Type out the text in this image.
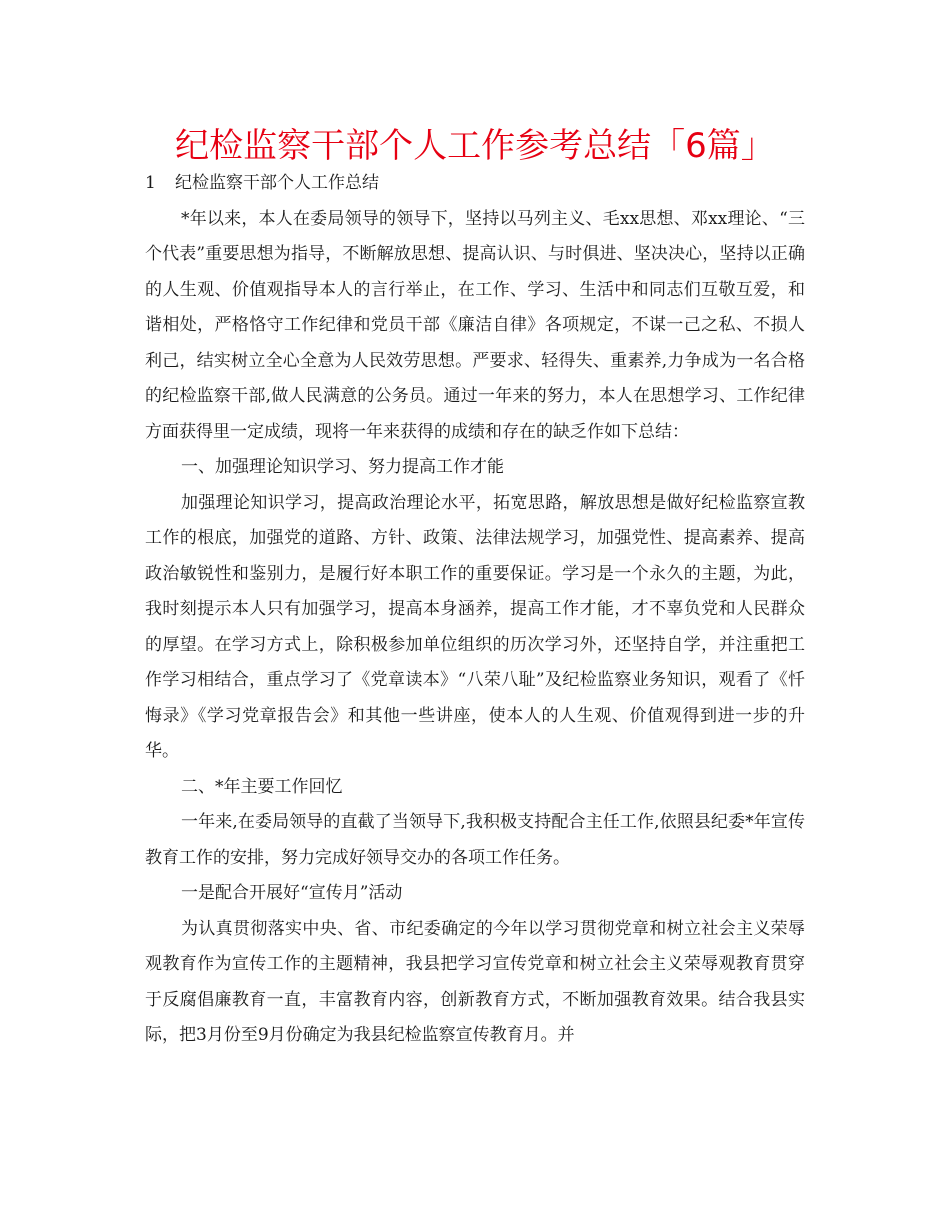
纪检监察干部个人工作参考总结「6篇」

1 纪检监察干部个人工作总结

*年以来，本人在委局领导的领导下，坚持以马列主义、毛xx思想、邓xx理论、“三个代表”重要思想为指导，不断解放思想、提高认识、与时俱进、坚决决心，坚持以正确的人生观、价值观指导本人的言行举止，在工作、学习、生活中和同志们互敬互爱，和谐相处，严格恪守工作纪律和党员干部《廉洁自律》各项规定，不谋一己之私、不损人利己，结实树立全心全意为人民效劳思想。严要求、轻得失、重素养,力争成为一名合格的纪检监察干部,做人民满意的公务员。通过一年来的努力，本人在思想学习、工作纪律方面获得里一定成绩，现将一年来获得的成绩和存在的缺乏作如下总结：

一、加强理论知识学习、努力提高工作才能

加强理论知识学习，提高政治理论水平，拓宽思路，解放思想是做好纪检监察宣教工作的根底，加强党的道路、方针、政策、法律法规学习，加强党性、提高素养、提高政治敏锐性和鉴别力，是履行好本职工作的重要保证。学习是一个永久的主题，为此，我时刻提示本人只有加强学习，提高本身涵养，提高工作才能，才不辜负党和人民群众的厚望。在学习方式上，除积极参加单位组织的历次学习外，还坚持自学，并注重把工作学习相结合，重点学习了《党章读本》“八荣八耻”及纪检监察业务知识，观看了《忏悔录》《学习党章报告会》和其他一些讲座，使本人的人生观、价值观得到进一步的升华。

二、*年主要工作回忆

一年来,在委局领导的直截了当领导下,我积极支持配合主任工作,依照县纪委*年宣传教育工作的安排，努力完成好领导交办的各项工作任务。

一是配合开展好“宣传月”活动

为认真贯彻落实中央、省、市纪委确定的今年以学习贯彻党章和树立社会主义荣辱观教育作为宣传工作的主题精神，我县把学习宣传党章和树立社会主义荣辱观教育贯穿于反腐倡廉教育一直，丰富教育内容，创新教育方式，不断加强教育效果。结合我县实际，把3月份至9月份确定为我县纪检监察宣传教育月。并
